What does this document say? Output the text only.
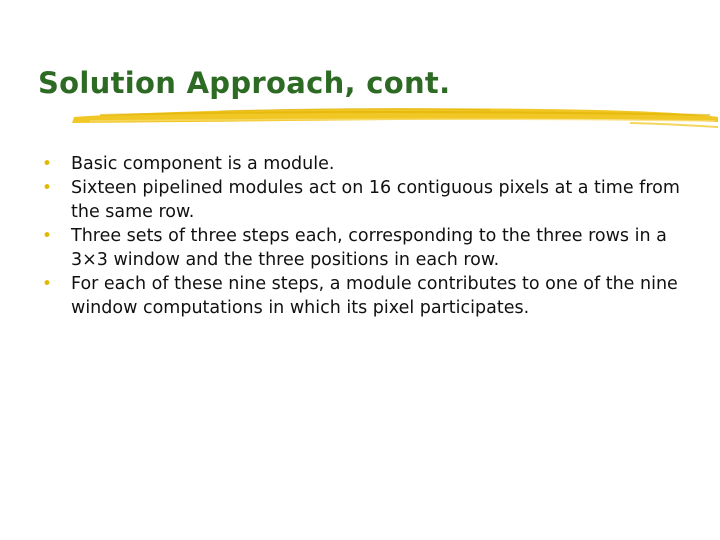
Solution Approach, cont.
• Basic component is a module.
• Sixteen pipelined modules act on 16 contiguous pixels at a time from the same row.
• Three sets of three steps each, corresponding to the three rows in a 3×3 window and the three positions in each row.
• For each of these nine steps, a module contributes to one of the nine window computations in which its pixel participates.
